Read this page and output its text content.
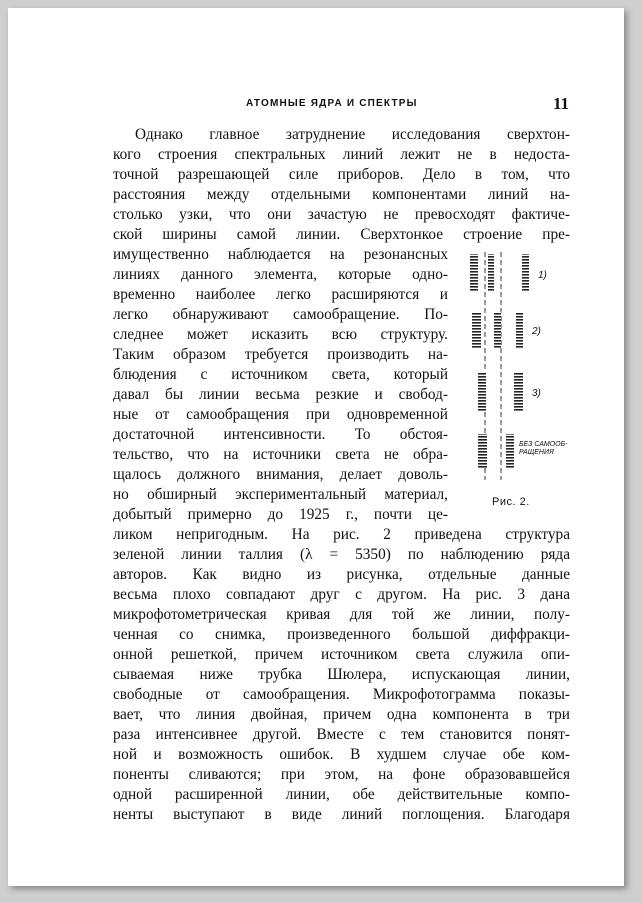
АТОМНЫЕ ЯДРА И СПЕКТРЫ	11
Однако главное затруднение исследования сверхтон-
кого строения спектральных линий лежит не в недоста-
точной разрешающей силе приборов. Дело в том, что
расстояния между отдельными компонентами линий на-
столько узки, что они зачастую не превосходят фактиче-
ской ширины самой линии. Сверхтонкое строение пре-
имущественно наблюдается на резонансных
линиях данного элемента, которые одно-
временно наиболее легко расширяются и
легко обнаруживают самообращение. По-
следнее может исказить всю структуру.
Таким образом требуется производить на-
блюдения с источником света, который
давал бы линии весьма резкие и свобод-
ные от самообращения при одновременной
достаточной интенсивности. То обстоя-
тельство, что на источники света не обра-
щалось должного внимания, делает доволь-
но обширный экспериментальный материал,
добытый примерно до 1925 г., почти це-
ликом непригодным. На рис. 2 приведена структура
зеленой линии таллия (λ = 5350) по наблюдению ряда
авторов. Как видно из рисунка, отдельные данные
весьма плохо совпадают друг с другом. На рис. 3 дана
микрофотометрическая кривая для той же линии, полу-
ченная со снимка, произведенного большой диффракци-
онной решеткой, причем источником света служила опи-
сываемая ниже трубка Шюлера, испускающая линии,
свободные от самообращения. Микрофотограмма показы-
вает, что линия двойная, причем одна компонента в три
раза интенсивнее другой. Вместе с тем становится понят-
ной и возможность ошибок. В худшем случае обе ком-
поненты сливаются; при этом, на фоне образовавшейся
одной расширенной линии, обе действительные компо-
ненты выступают в виде линий поглощения. Благодаря
1)
2)
3)
БЕЗ САМООБ-РАЩЕНИЯ
Рис. 2.
